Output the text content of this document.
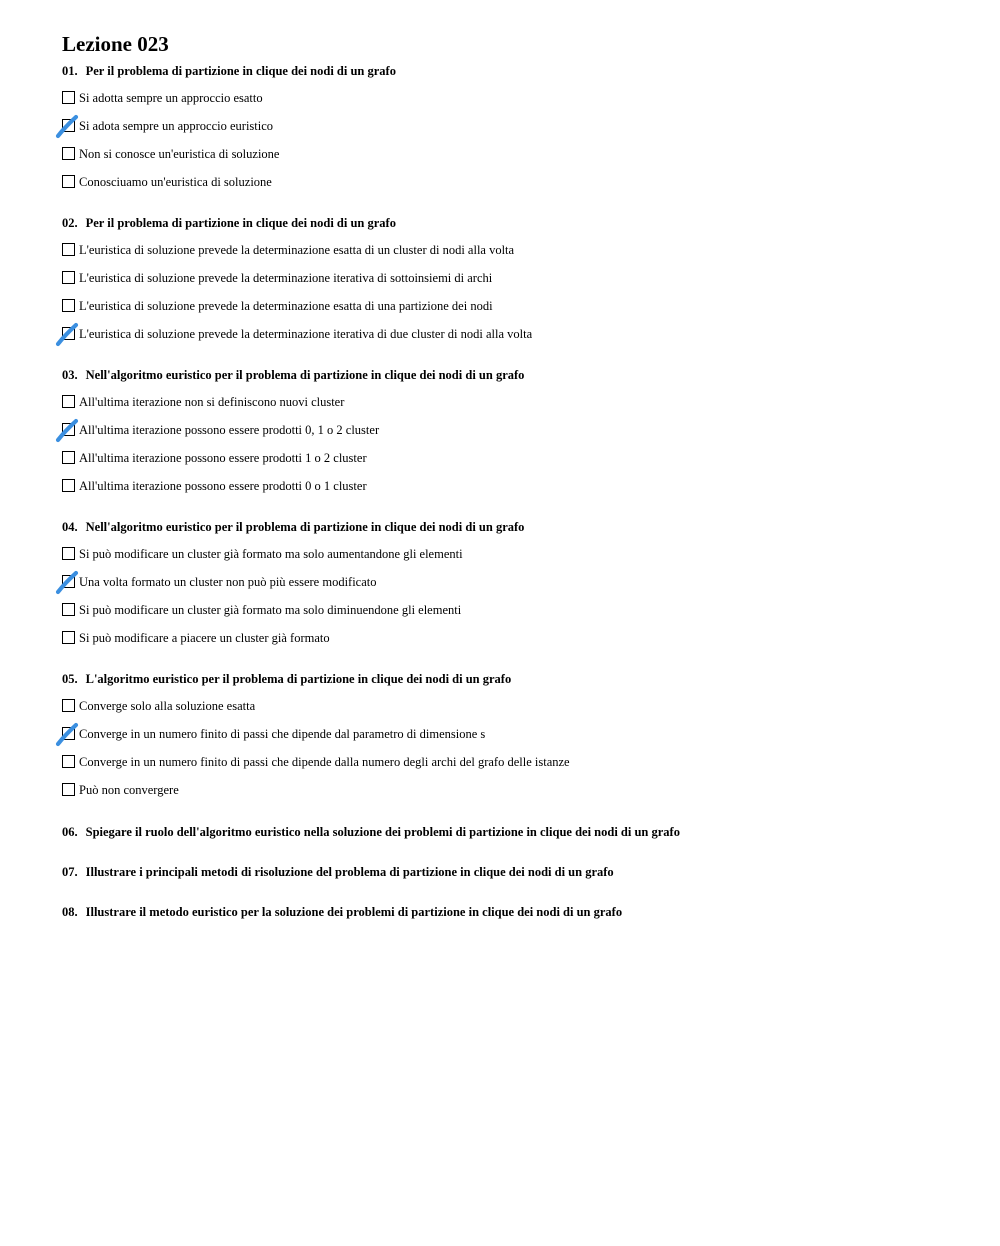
Lezione 023
01. Per il problema di partizione in clique dei nodi di un grafo
Si adotta sempre un approccio esatto
Si adota sempre un approccio euristico
Non si conosce un'euristica di soluzione
Conosciuamo un'euristica di soluzione
02. Per il problema di partizione in clique dei nodi di un grafo
L'euristica di soluzione prevede la determinazione esatta di un cluster di nodi alla volta
L'euristica di soluzione prevede la determinazione iterativa di sottoinsiemi di archi
L'euristica di soluzione prevede la determinazione esatta di una partizione dei nodi
L'euristica di soluzione prevede la determinazione iterativa di due cluster di nodi alla volta
03. Nell'algoritmo euristico per il problema di partizione in clique dei nodi di un grafo
All'ultima iterazione non si definiscono nuovi cluster
All'ultima iterazione possono essere prodotti 0, 1 o 2 cluster
All'ultima iterazione possono essere prodotti 1 o 2 cluster
All'ultima iterazione possono essere prodotti 0 o 1 cluster
04. Nell'algoritmo euristico per il problema di partizione in clique dei nodi di un grafo
Si può modificare un cluster già formato ma solo aumentandone gli elementi
Una volta formato un cluster non può più essere modificato
Si può modificare un cluster già formato ma solo diminuendone gli elementi
Si può modificare a piacere un cluster già formato
05. L'algoritmo euristico per il problema di partizione in clique dei nodi di un grafo
Converge solo alla soluzione esatta
Converge in un numero finito di passi che dipende dal parametro di dimensione s
Converge in un numero finito di passi che dipende dalla numero degli archi del grafo delle istanze
Può non convergere
06. Spiegare il ruolo dell'algoritmo euristico nella soluzione dei problemi di partizione in clique dei nodi di un grafo
07. Illustrare i principali metodi di risoluzione del problema di partizione in clique dei nodi di un grafo
08. Illustrare il metodo euristico per la soluzione dei problemi di partizione in clique dei nodi di un grafo
